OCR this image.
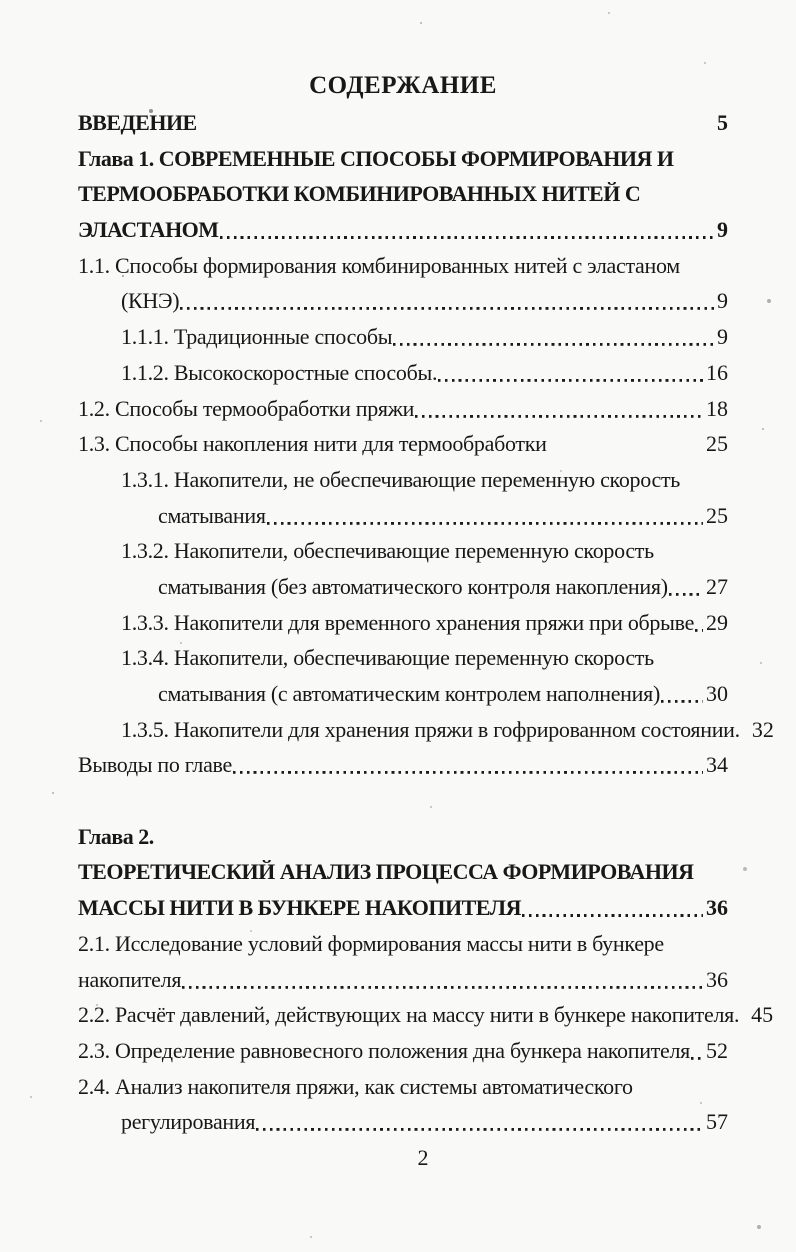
СОДЕРЖАНИЕ
ВВЕДЕНИЕ	5
Глава 1. СОВРЕМЕННЫЕ СПОСОБЫ ФОРМИРОВАНИЯ И
ТЕРМООБРАБОТКИ КОМБИНИРОВАННЫХ НИТЕЙ С
ЭЛАСТАНОМ	9
1.1. Способы формирования комбинированных нитей с эластаном
(КНЭ)	9
1.1.1. Традиционные способы	9
1.1.2. Высокоскоростные способы.	16
1.2. Способы термообработки пряжи	18
1.3. Способы накопления нити для термообработки	25
1.3.1. Накопители, не обеспечивающие переменную скорость
сматывания	25
1.3.2. Накопители, обеспечивающие переменную скорость
сматывания (без автоматического контроля накопления) 27
1.3.3. Накопители для временного хранения пряжи при обрыве 29
1.3.4. Накопители, обеспечивающие переменную скорость
сматывания (с автоматическим контролем наполнения) 30
1.3.5. Накопители для хранения пряжи в гофрированном состоянии. 32
Выводы по главе	34
Глава 2.
ТЕОРЕТИЧЕСКИЙ АНАЛИЗ ПРОЦЕССА ФОРМИРОВАНИЯ
МАССЫ НИТИ В БУНКЕРЕ НАКОПИТЕЛЯ	36
2.1. Исследование условий формирования массы нити в бункере
накопителя	36
2.2. Расчёт давлений, действующих на массу нити в бункере накопителя. 45
2.3. Определение равновесного положения дна бункера накопителя 52
2.4. Анализ накопителя пряжи, как системы автоматического
регулирования	57
2
